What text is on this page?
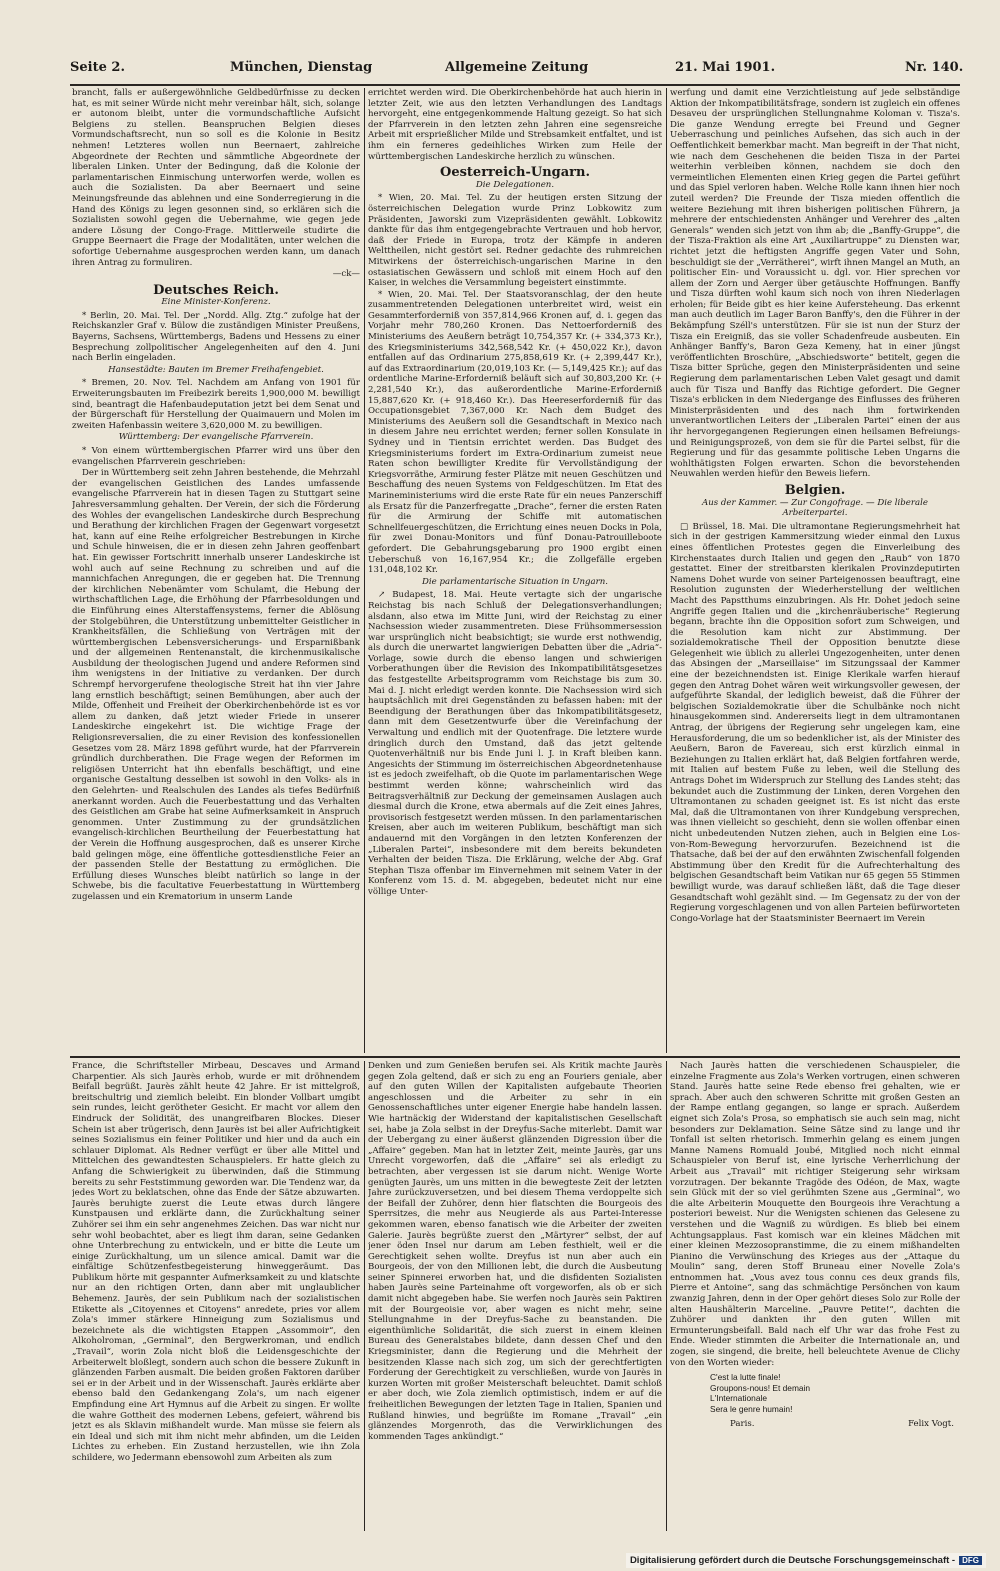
Seite 2.	München, Dienstag	Allgemeine Zeitung	21. Mai 1901.	Nr. 140.

brancht, falls er außergewöhnliche Geldbedürfnisse zu decken hat, es mit seiner Würde nicht mehr vereinbar hält, sich, solange er autonom bleibt, unter die vormundschaftliche Aufsicht Belgiens zu stellen. Beanspruchen Belgien dieses Vormundschaftsrecht, nun so soll es die Kolonie in Besitz nehmen! Letzteres wollen nun Beernaert, zahlreiche Abgeordnete der Rechten und sämmtliche Abgeordnete der liberalen Linken. Unter der Bedingung, daß die Kolonie der parlamentarischen Einmischung unterworfen werde, wollen es auch die Sozialisten. Da aber Beernaert und seine Meinungsfreunde das ablehnen und eine Sonderregierung in die Hand des Königs zu legen gesonnen sind, so erklären sich die Sozialisten sowohl gegen die Uebernahme, wie gegen jede andere Lösung der Congo-Frage. Mittlerweile studirte die Gruppe Beernaert die Frage der Modalitäten, unter welchen die sofortige Uebernahme ausgesprochen werden kann, um danach ihren Antrag zu formuliren.

—ck—

Deutsches Reich.
Eine Minister-Konferenz.

* Berlin, 20. Mai. Tel. Der „Nordd. Allg. Ztg.“ zufolge hat der Reichskanzler Graf v. Bülow die zuständigen Minister Preußens, Bayerns, Sachsens, Württembergs, Badens und Hessens zu einer Besprechung zollpolitischer Angelegenheiten auf den 4. Juni nach Berlin eingeladen.

Hansestädte: Bauten im Bremer Freihafengebiet.

* Bremen, 20. Nov. Tel. Nachdem am Anfang von 1901 für Erweiterungsbauten im Freibezirk bereits 1,900,000 M. bewilligt sind, beantragt die Hafenbaudeputation jetzt bei dem Senat und der Bürgerschaft für Herstellung der Quaimauern und Molen im zweiten Hafenbassin weitere 3,620,000 M. zu bewilligen.

Württemberg: Der evangelische Pfarrverein.

* Von einem württembergischen Pfarrer wird uns über den evangelischen Pfarrverein geschrieben:

Der in Württemberg seit zehn Jahren bestehende, die Mehrzahl der evangelischen Geistlichen des Landes umfassende evangelische Pfarrverein hat in diesen Tagen zu Stuttgart seine Jahresversammlung gehalten. Der Verein, der sich die Förderung des Wohles der evangelischen Landeskirche durch Besprechung und Berathung der kirchlichen Fragen der Gegenwart vorgesetzt hat, kann auf eine Reihe erfolgreicher Bestrebungen in Kirche und Schule hinweisen, die er in diesen zehn Jahren geoffenbart hat. Ein gewisser Fortschritt innerhalb unserer Landeskirche ist wohl auch auf seine Rechnung zu schreiben und auf die mannichfachen Anregungen, die er gegeben hat. Die Trennung der kirchlichen Nebenämter vom Schulamt, die Hebung der wirthschaftlichen Lage, die Erhöhung der Pfarrbesoldungen und die Einführung eines Alterstaffensystems, ferner die Ablösung der Stolgebühren, die Unterstützung unbemittelter Geistlicher in Krankheitsfällen, die Schließung von Verträgen mit der württembergischen Lebensversicherungs- und Ersparnißbank und der allgemeinen Rentenanstalt, die kirchenmusikalische Ausbildung der theologischen Jugend und andere Reformen sind ihm wenigstens in der Initiative zu verdanken. Der durch Schrempf hervorgerufene theologische Streit hat ihn vier Jahre lang ernstlich beschäftigt; seinen Bemühungen, aber auch der Milde, Offenheit und Freiheit der Oberkirchenbehörde ist es vor allem zu danken, daß jetzt wieder Friede in unserer Landeskirche eingekehrt ist. Die wichtige Frage der Religionsreversalien, die zu einer Revision des konfessionellen Gesetzes vom 28. März 1898 geführt wurde, hat der Pfarrverein gründlich durchberathen. Die Frage wegen der Reformen im religiösen Unterricht hat ihn ebenfalls beschäftigt, und eine organische Gestaltung desselben ist sowohl in den Volks- als in den Gelehrten- und Realschulen des Landes als tiefes Bedürfniß anerkannt worden. Auch die Feuerbestattung und das Verhalten des Geistlichen am Grabe hat seine Aufmerksamkeit in Anspruch genommen. Unter Zustimmung zu der grundsätzlichen evangelisch-kirchlichen Beurtheilung der Feuerbestattung hat der Verein die Hoffnung ausgesprochen, daß es unserer Kirche bald gelingen möge, eine öffentliche gottesdienstliche Feier an der passenden Stelle der Bestattung zu ermöglichen. Die Erfüllung dieses Wunsches bleibt natürlich so lange in der Schwebe, bis die facultative Feuerbestattung in Württemberg zugelassen und ein Krematorium in unserm Lande

errichtet werden wird. Die Oberkirchenbehörde hat auch hierin in letzter Zeit, wie aus den letzten Verhandlungen des Landtags hervorgeht, eine entgegenkommende Haltung gezeigt. So hat sich der Pfarrverein in den letzten zehn Jahren eine segensreiche Arbeit mit ersprießlicher Milde und Strebsamkeit entfaltet, und ist ihm ein ferneres gedeihliches Wirken zum Heile der württembergischen Landeskirche herzlich zu wünschen.

Oesterreich-Ungarn.
Die Delegationen.

* Wien, 20. Mai. Tel. Zu der heutigen ersten Sitzung der österreichischen Delegation wurde Prinz Lobkowitz zum Präsidenten, Jaworski zum Vizepräsidenten gewählt. Lobkowitz dankte für das ihm entgegengebrachte Vertrauen und hob hervor, daß der Friede in Europa, trotz der Kämpfe in anderen Welttheilen, nicht gestört sei. Redner gedachte des ruhmreichen Mitwirkens der österreichisch-ungarischen Marine in den ostasiatischen Gewässern und schloß mit einem Hoch auf den Kaiser, in welches die Versammlung begeistert einstimmte.

* Wien, 20. Mai. Tel. Der Staatsvoranschlag, der den heute zusammentretenden Delegationen unterbreitet wird, weist ein Gesammterforderniß von 357,814,966 Kronen auf, d. i. gegen das Vorjahr mehr 780,260 Kronen. Das Nettoerforderniß des Ministeriums des Aeußern beträgt 10,754,357 Kr. (+ 334,373 Kr.), des Kriegsministeriums 342,568,542 Kr. (+ 450,022 Kr.), davon entfallen auf das Ordinarium 275,858,619 Kr. (+ 2,399,447 Kr.), auf das Extraordinarium (20,019,103 Kr. (— 5,149,425 Kr.); auf das ordentliche Marine-Erforderniß beläuft sich auf 30,803,200 Kr. (+ 2,281,540 Kr.), das außerordentliche Marine-Erforderniß 15,887,620 Kr. (+ 918,460 Kr.). Das Heereserforderniß für das Occupationsgebiet 7,367,000 Kr. Nach dem Budget des Ministeriums des Aeußern soll die Gesandtschaft in Mexico nach in diesem Jahre neu errichtet werden; ferner sollen Konsulate in Sydney und in Tientsin errichtet werden. Das Budget des Kriegsministeriums fordert im Extra-Ordinarium zumeist neue Raten schon bewilligter Kredite für Vervollständigung der Kriegsvorräthe, Armirung fester Plätze mit neuen Geschützen und Beschaffung des neuen Systems von Feldgeschützen. Im Etat des Marineministeriums wird die erste Rate für ein neues Panzerschiff als Ersatz für die Panzerfregatte „Drache“, ferner die ersten Raten für die Armirung der Schiffe mit automatischen Schnellfeuergeschützen, die Errichtung eines neuen Docks in Pola, für zwei Donau-Monitors und fünf Donau-Patrouilleboote gefordert. Die Gebahrungsgebarung pro 1900 ergibt einen Ueberschuß von 16,167,954 Kr.; die Zollgefälle ergeben 131,048,102 Kr.

Die parlamentarische Situation in Ungarn.

↗ Budapest, 18. Mai. Heute vertagte sich der ungarische Reichstag bis nach Schluß der Delegationsverhandlungen; alsdann, also etwa im Mitte Juni, wird der Reichstag zu einer Nachsession wieder zusammentreten. Diese Frühsommersession war ursprünglich nicht beabsichtigt; sie wurde erst nothwendig, als durch die unerwartet langwierigen Debatten über die „Adria“-Vorlage, sowie durch die ebenso langen und schwierigen Vorberathungen über die Revision des Inkompatibilitätsgesetzes das festgestellte Arbeitsprogramm vom Reichstage bis zum 30. Mai d. J. nicht erledigt werden konnte. Die Nachsession wird sich hauptsächlich mit drei Gegenständen zu befassen haben: mit der Beendigung der Berathungen über das Inkompatibilitätsgesetz, dann mit dem Gesetzentwurfe über die Vereinfachung der Verwaltung und endlich mit der Quotenfrage. Die letztere wurde dringlich durch den Umstand, daß das jetzt geltende Quotenverhältniß nur bis Ende Juni l. J. in Kraft bleiben kann. Angesichts der Stimmung im österreichischen Abgeordnetenhause ist es jedoch zweifelhaft, ob die Quote im parlamentarischen Wege bestimmt werden könne; wahrscheinlich wird das Beitragsverhältniß zur Deckung der gemeinsamen Auslagen auch diesmal durch die Krone, etwa abermals auf die Zeit eines Jahres, provisorisch festgesetzt werden müssen. In den parlamentarischen Kreisen, aber auch im weiteren Publikum, beschäftigt man sich andauernd mit den Vorgängen in den letzten Konferenzen der „Liberalen Partei“, insbesondere mit dem bereits bekundeten Verhalten der beiden Tisza. Die Erklärung, welche der Abg. Graf Stephan Tisza offenbar im Einvernehmen mit seinem Vater in der Konferenz vom 15. d. M. abgegeben, bedeutet nicht nur eine völlige Unter-

werfung und damit eine Verzichtleistung auf jede selbständige Aktion der Inkompatibilitätsfrage, sondern ist zugleich ein offenes Desaveu der ursprünglichen Stellungnahme Koloman v. Tisza's. Die ganze Wendung erregte bei Freund und Gegner Ueberraschung und peinliches Aufsehen, das sich auch in der Oeffentlichkeit bemerkbar macht. Man begreift in der That nicht, wie nach dem Geschehenen die beiden Tisza in der Partei weiterhin verbleiben können, nachdem sie doch den vermeintlichen Elementen einen Krieg gegen die Partei geführt und das Spiel verloren haben. Welche Rolle kann ihnen hier noch zuteil werden? Die Freunde der Tisza mieden offentlich die weitere Beziehung mit ihren bisherigen politischen Führern, ja mehrere der entschiedensten Anhänger und Verehrer des „alten Generals“ wenden sich jetzt von ihm ab; die „Banffy-Gruppe“, die der Tisza-Fraktion als eine Art „Auxiliartruppe“ zu Diensten war, richtet jetzt die heftigsten Angriffe gegen Vater und Sohn, beschuldigt sie der „Verrätherei“, wirft ihnen Mangel an Muth, an politischer Ein- und Voraussicht u. dgl. vor. Hier sprechen vor allem der Zorn und Aerger über getäuschte Hoffnungen. Banffy und Tisza dürften wohl kaum sich noch von ihren Niederlagen erholen; für Beide gibt es hier keine Aufersteheung. Das erkennt man auch deutlich im Lager Baron Banffy's, den die Führer in der Bekämpfung Széll's unterstützen. Für sie ist nun der Sturz der Tisza ein Ereigniß, das sie voller Schadenfreude ausbeuten. Ein Anhänger Banffy's, Baron Geza Kemeny, hat in einer jüngst veröffentlichten Broschüre, „Abschiedsworte“ betitelt, gegen die Tisza bitter Sprüche, gegen den Ministerpräsidenten und seine Regierung dem parlamentarischen Leben Valet gesagt und damit auch für Tisza und Banffy das Richtige gefordert. Die Gegner Tisza's erblicken in dem Niedergange des Einflusses des früheren Ministerpräsidenten und des nach ihm fortwirkenden unverantwortlichen Leiters der „Liberalen Partei“ einen der aus ihr hervorgegangenen Regierungen einen heilsamen Befreiungs- und Reinigungsprozeß, von dem sie für die Partei selbst, für die Regierung und für das gesammte politische Leben Ungarns die wohlthätigsten Folgen erwarten. Schon die bevorstehenden Neuwahlen werden hiefür den Beweis liefern.

Belgien.
Aus der Kammer. — Zur Congofrage. — Die liberale Arbeiterpartei.

□ Brüssel, 18. Mai. Die ultramontane Regierungsmehrheit hat sich in der gestrigen Kammersitzung wieder einmal den Luxus eines öffentlichen Protestes gegen die Einverleibung des Kirchenstaates durch Italien und gegen den „Raub“ von 1870 gestattet. Einer der streitbarsten klerikalen Provinzdeputirten Namens Dohet wurde von seiner Parteigenossen beauftragt, eine Resolution zugunsten der Wiederherstellung der weltlichen Macht des Papstthums einzubringen. Als Hr. Dohet jedoch seine Angriffe gegen Italien und die „kirchenräuberische“ Regierung begann, brachte ihn die Opposition sofort zum Schweigen, und die Resolution kam nicht zur Abstimmung. Der sozialdemokratische Theil der Opposition benutzte diese Gelegenheit wie üblich zu allerlei Ungezogenheiten, unter denen das Absingen der „Marseillaise“ im Sitzungssaal der Kammer eine der bezeichnendsten ist. Einige Klerikale warfen hierauf gegen den Antrag Dohet wären weit wirkungsvoller gewesen, der aufgeführte Skandal, der lediglich beweist, daß die Führer der belgischen Sozialdemokratie über die Schulbänke noch nicht hinausgekommen sind. Andererseits liegt in dem ultramontanen Antrag, der übrigens der Regierung sehr ungelegen kam, eine Herausforderung, die um so bedenklicher ist, als der Minister des Aeußern, Baron de Favereau, sich erst kürzlich einmal in Beziehungen zu Italien erklärt hat, daß Belgien fortfahren werde, mit Italien auf bestem Fuße zu leben, weil die Stellung des Antrags Dohet im Widerspruch zur Stellung des Landes steht; das bekundet auch die Zustimmung der Linken, deren Vorgehen den Ultramontanen zu schaden geeignet ist. Es ist nicht das erste Mal, daß die Ultramontanen von ihrer Kundgebung versprechen, was ihnen vielleicht so geschieht, denn sie wollen offenbar einen nicht unbedeutenden Nutzen ziehen, auch in Belgien eine Los-von-Rom-Bewegung hervorzurufen. Bezeichnend ist die Thatsache, daß bei der auf den erwähnten Zwischenfall folgenden Abstimmung über den Kredit für die Aufrechterhaltung des belgischen Gesandtschaft beim Vatikan nur 65 gegen 55 Stimmen bewilligt wurde, was darauf schließen läßt, daß die Tage dieser Gesandtschaft wohl gezählt sind. — Im Gegensatz zu der von der Regierung vorgeschlagenen und von allen Parteien befürworteten Congo-Vorlage hat der Staatsminister Beernaert im Verein

France, die Schriftsteller Mirbeau, Descaves und Armand Charpentier. Als sich Jaurès erhob, wurde er mit dröhnendem Beifall begrüßt. Jaurès zählt heute 42 Jahre. Er ist mittelgroß, breitschultrig und ziemlich beleibt. Ein blonder Vollbart umgibt sein rundes, leicht gerötheter Gesicht. Er macht vor allem den Eindruck der Solidität, des unangreifbaren Blockes. Dieser Schein ist aber trügerisch, denn Jaurès ist bei aller Aufrichtigkeit seines Sozialismus ein feiner Politiker und hier und da auch ein schlauer Diplomat. Als Redner verfügt er über alle Mittel und Mittelchen des gewandtesten Schauspielers. Er hatte gleich zu Anfang die Schwierigkeit zu überwinden, daß die Stimmung bereits zu sehr Feststimmung geworden war. Die Tendenz war, da jedes Wort zu beklatschen, ohne das Ende der Sätze abzuwarten. Jaurès beruhigte zuerst die Leute etwas durch längere Kunstpausen und erklärte dann, die Zurückhaltung seiner Zuhörer sei ihm ein sehr angenehmes Zeichen. Das war nicht nur sehr wohl beobachtet, aber es liegt ihm daran, seine Gedanken ohne Unterbrechung zu entwickeln, und er bitte die Leute um einige Zurückhaltung, um un silence amical. Damit war die einfältige Schützenfestbegeisterung hinweggeräumt. Das Publikum hörte mit gespannter Aufmerksamkeit zu und klatschte nur an den richtigen Orten, dann aber mit unglaublicher Behemenz. Jaurès, der sein Publikum nach der sozialistischen Etikette als „Citoyennes et Citoyens“ anredete, pries vor allem Zola's immer stärkere Hinneigung zum Sozialismus und bezeichnete als die wichtigsten Etappen „Assommoir“, den Alkoholroman, „Germinal“, den Bergwerkroman, und endlich „Travail“, worin Zola nicht bloß die Leidensgeschichte der Arbeiterwelt bloßlegt, sondern auch schon die bessere Zukunft in glänzenden Farben ausmalt. Die beiden großen Faktoren darüber sei er in der Arbeit und in der Wissenschaft. Jaurès erklärte aber ebenso bald den Gedankengang Zola's, um nach eigener Empfindung eine Art Hymnus auf die Arbeit zu singen. Er wollte die wahre Gottheit des modernen Lebens, gefeiert, während bis jetzt es als Sklavin mißhandelt wurde. Man müsse sie feiern als ein Ideal und sich mit ihm nicht mehr abfinden, um die Leiden Lichtes zu erheben. Ein Zustand herzustellen, wie ihn Zola schildere, wo Jedermann ebensowohl zum Arbeiten als zum

Denken und zum Genießen berufen sei. Als Kritik machte Jaurès gegen Zola geltend, daß er sich zu eng an Fouriers geniale, aber auf den guten Willen der Kapitalisten aufgebaute Theorien angeschlossen und die Arbeiter zu sehr in ein Genossenschaftliches unter eigener Energie habe handeln lassen. Wie hartnäckig der Widerstand der kapitalistischen Gesellschaft sei, habe ja Zola selbst in der Dreyfus-Sache miterlebt. Damit war der Uebergang zu einer äußerst glänzenden Digression über die „Affaire“ gegeben. Man hat in letzter Zeit, meinte Jaurès, gar uns Unrecht vorgeworfen, daß die „Affaire“ sei als erledigt zu betrachten, aber vergessen ist sie darum nicht. Wenige Worte genügten Jaurès, um uns mitten in die bewegteste Zeit der letzten Jahre zurückzuversetzen, und bei diesem Thema verdoppelte sich der Beifall der Zuhörer, denn hier flatschten die Bourgeois des Sperrsitzes, die mehr aus Neugierde als aus Partei-Interesse gekommen waren, ebenso fanatisch wie die Arbeiter der zweiten Galerie. Jaurès begrüßte zuerst den „Märtyrer“ selbst, der auf jener öden Insel nur darum am Leben festhielt, weil er die Gerechtigkeit sehen wollte. Dreyfus ist nun aber auch ein Bourgeois, der von den Millionen lebt, die durch die Ausbeutung seiner Spinnerei erworben hat, und die disfidenten Sozialisten haben Jaurès seine Parteinahme oft vorgeworfen, als ob er sich damit nicht abgegeben habe. Sie werfen noch Jaurès sein Paktiren mit der Bourgeoisie vor, aber wagen es nicht mehr, seine Stellungnahme in der Dreyfus-Sache zu beanstanden. Die eigenthümliche Solidarität, die sich zuerst in einem kleinen Bureau des Generalstabes bildete, dann dessen Chef und den Kriegsminister, dann die Regierung und die Mehrheit der besitzenden Klasse nach sich zog, um sich der gerechtfertigten Forderung der Gerechtigkeit zu verschließen, wurde von Jaurès in kurzen Worten mit großer Meisterschaft beleuchtet. Damit schloß er aber doch, wie Zola ziemlich optimistisch, indem er auf die freiheitlichen Bewegungen der letzten Tage in Italien, Spanien und Rußland hinwies, und begrüßte im Romane „Travail“ „ein glänzendes Morgenroth, das die Verwirklichungen des kommenden Tages ankündigt.“

Nach Jaurès hatten die verschiedenen Schauspieler, die einzelne Fragmente aus Zola's Werken vortrugen, einen schweren Stand. Jaurès hatte seine Rede ebenso frei gehalten, wie er sprach. Aber auch den schweren Schritte mit großen Gesten an der Rampe entlang gegangen, so lange er sprach. Außerdem eignet sich Zola's Prosa, so emphatisch sie auch sein mag, nicht besonders zur Deklamation. Seine Sätze sind zu lange und ihr Tonfall ist selten rhetorisch. Immerhin gelang es einem jungen Manne Namens Romuald Joubé, Mitglied noch nicht einmal Schauspieler von Beruf ist, eine lyrische Verherrlichung der Arbeit aus „Travail“ mit richtiger Steigerung sehr wirksam vorzutragen. Der bekannte Tragöde des Odéon, de Max, wagte sein Glück mit der so viel gerühmten Szene aus „Germinal“, wo die alte Arbeiterin Mouquette den Bourgeois ihre Verachtung a posteriori beweist. Nur die Wenigsten schienen das Gelesene zu verstehen und die Wagniß zu würdigen. Es blieb bei einem Achtungsapplaus. Fast komisch war ein kleines Mädchen mit einer kleinen Mezzosopranstimme, die zu einem mißhandelten Pianino die Verwünschung des Krieges aus der „Attaque du Moulin“ sang, deren Stoff Bruneau einer Novelle Zola's entnommen hat. „Vous avez tous connu ces deux grands fils, Pierre et Antoine“, sang das schmächtige Persönchen von kaum zwanzig Jahren, denn in der Oper gehört dieses Solo zur Rolle der alten Haushälterin Marceline. „Pauvre Petite!“, dachten die Zuhörer und dankten ihr den guten Willen mit Ermunterungsbeifall. Bald nach elf Uhr war das frohe Fest zu Ende. Wieder stimmten die Arbeiter die Internationale an, und zogen, sie singend, die breite, hell beleuchtete Avenue de Clichy von den Worten wieder:

C'est la lutte finale!
Groupons-nous! Et demain
L'Internationale
Sera le genre humain!
Paris.	Felix Vogt.
Digitalisierung gefördert durch die Deutsche Forschungsgemeinschaft - DFG
